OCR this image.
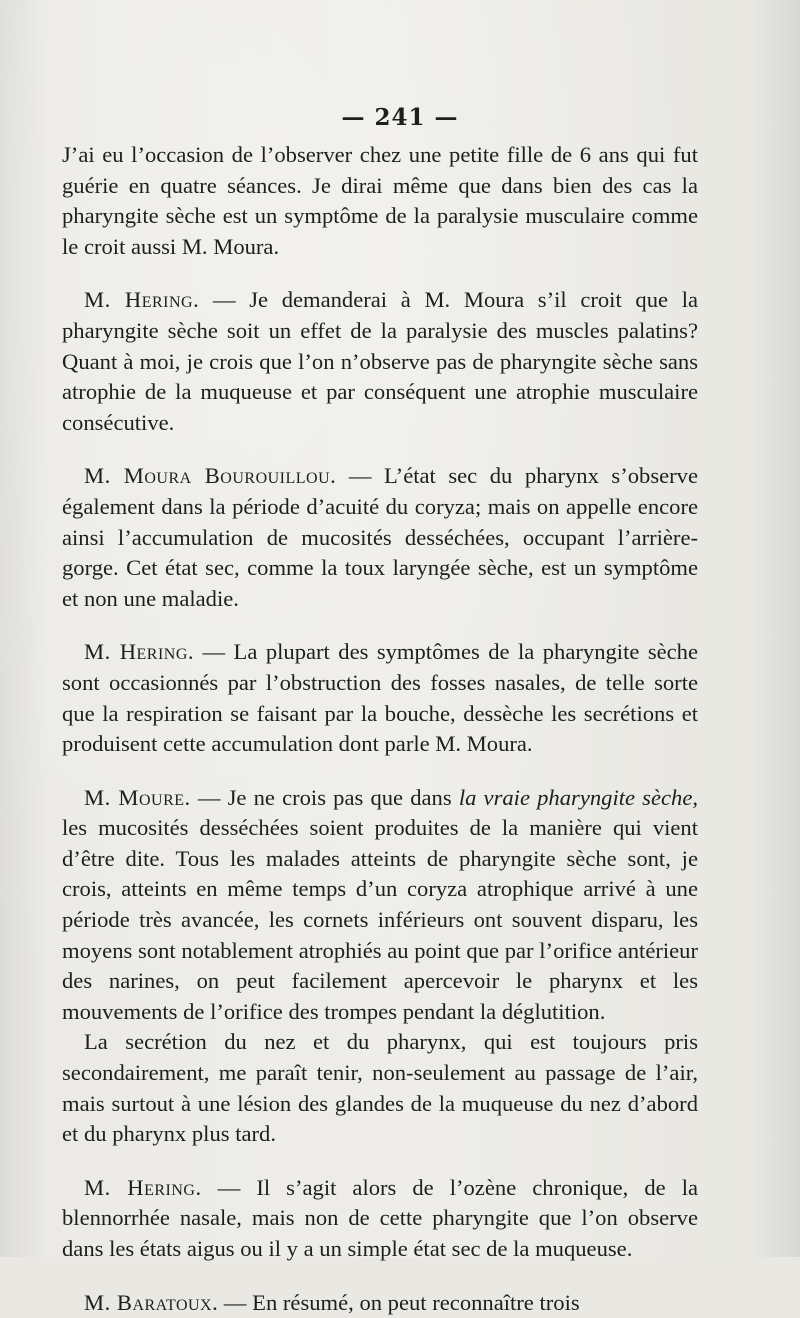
— 241 —

J’ai eu l’occasion de l’observer chez une petite fille de 6 ans qui fut guérie en quatre séances. Je dirai même que dans bien des cas la pharyngite sèche est un symptôme de la paralysie musculaire comme le croit aussi M. Moura.

M. Hering. — Je demanderai à M. Moura s’il croit que la pharyngite sèche soit un effet de la paralysie des muscles palatins? Quant à moi, je crois que l’on n’observe pas de pharyngite sèche sans atrophie de la muqueuse et par conséquent une atrophie musculaire consécutive.

M. Moura Bourouillou. — L’état sec du pharynx s’observe également dans la période d’acuité du coryza; mais on appelle encore ainsi l’accumulation de mucosités desséchées, occupant l’arrière-gorge. Cet état sec, comme la toux laryngée sèche, est un symptôme et non une maladie.

M. Hering. — La plupart des symptômes de la pharyngite sèche sont occasionnés par l’obstruction des fosses nasales, de telle sorte que la respiration se faisant par la bouche, dessèche les secrétions et produisent cette accumulation dont parle M. Moura.

M. Moure. — Je ne crois pas que dans la vraie pharyngite sèche, les mucosités desséchées soient produites de la manière qui vient d’être dite. Tous les malades atteints de pharyngite sèche sont, je crois, atteints en même temps d’un coryza atrophique arrivé à une période très avancée, les cornets inférieurs ont souvent disparu, les moyens sont notablement atrophiés au point que par l’orifice antérieur des narines, on peut facilement apercevoir le pharynx et les mouvements de l’orifice des trompes pendant la déglutition.

La secrétion du nez et du pharynx, qui est toujours pris secondairement, me paraît tenir, non-seulement au passage de l’air, mais surtout à une lésion des glandes de la muqueuse du nez d’abord et du pharynx plus tard.

M. Hering. — Il s’agit alors de l’ozène chronique, de la blennorrhée nasale, mais non de cette pharyngite que l’on observe dans les états aigus ou il y a un simple état sec de la muqueuse.

M. Baratoux. — En résumé, on peut reconnaître trois
